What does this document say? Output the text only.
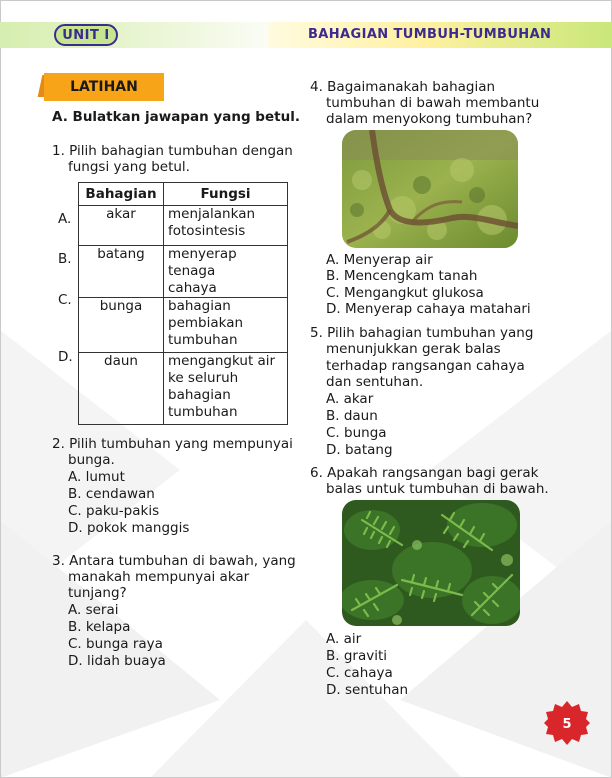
UNIT I	BAHAGIAN TUMBUH-TUMBUHAN
LATIHAN
A. Bulatkan jawapan yang betul.
1. Pilih bahagian tumbuhan dengan
fungsi yang betul.
Bahagian	Fungsi
akar	menjalankan
fotosintesis

batang	menyerap tenaga
cahaya

bunga	bahagian
pembiakan
tumbuhan

daun	mengangkut air
ke seluruh
bahagian
tumbuhan
A.
B.
C.
D.
2. Pilih tumbuhan yang mempunyai
bunga.
A. lumut
B. cendawan
C. paku-pakis
D. pokok manggis
3. Antara tumbuhan di bawah, yang
manakah mempunyai akar
tunjang?
A. serai
B. kelapa
C. bunga raya
D. lidah buaya
4. Bagaimanakah bahagian
tumbuhan di bawah membantu
dalam menyokong tumbuhan?
A. Menyerap air
B. Mencengkam tanah
C. Mengangkut glukosa
D. Menyerap cahaya matahari
5. Pilih bahagian tumbuhan yang
menunjukkan gerak balas
terhadap rangsangan cahaya
dan sentuhan.
A. akar
B. daun
C. bunga
D. batang
6. Apakah rangsangan bagi gerak
balas untuk tumbuhan di bawah.
A. air
B. graviti
C. cahaya
D. sentuhan
5
